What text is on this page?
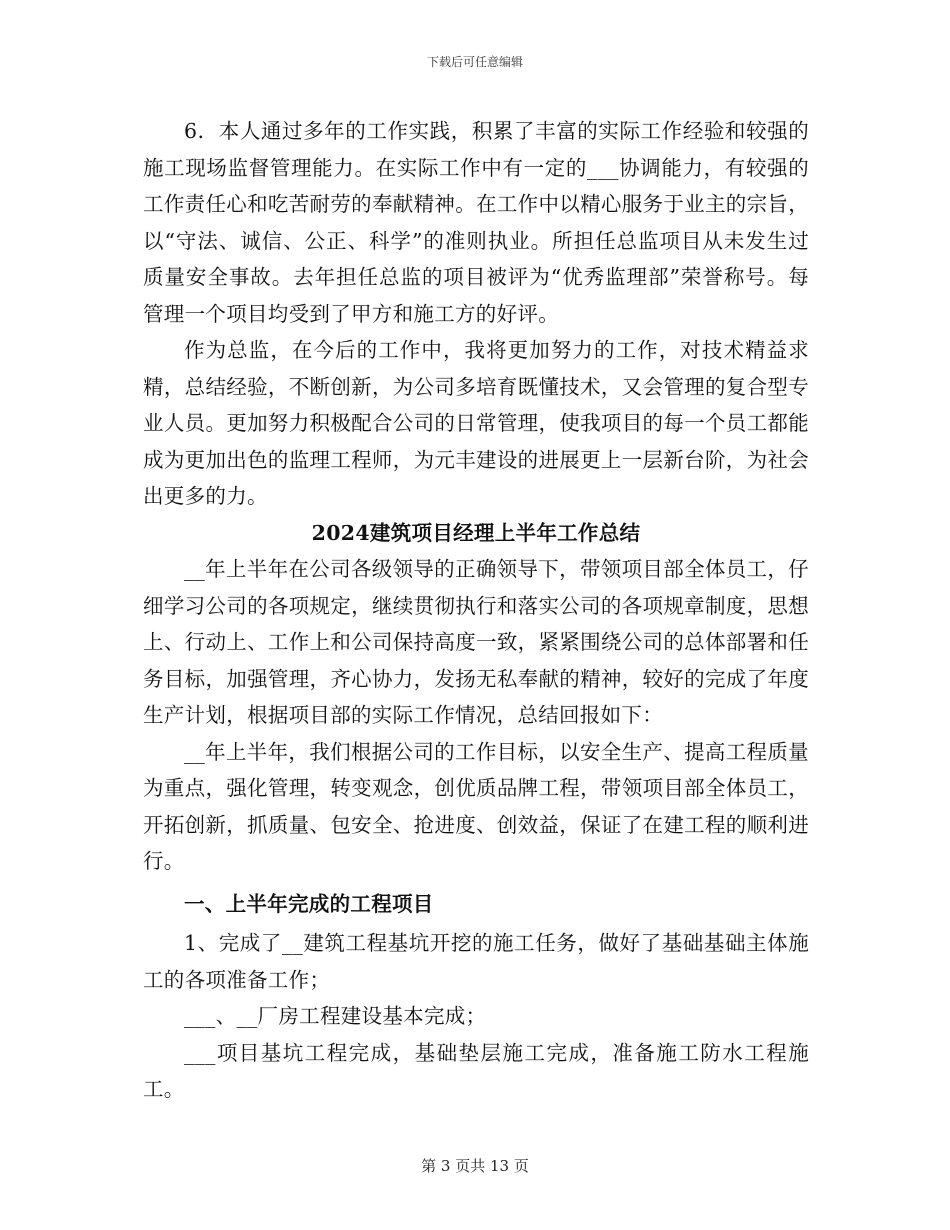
下载后可任意编辑

6．本人通过多年的工作实践，积累了丰富的实际工作经验和较强的施工现场监督管理能力。在实际工作中有一定的___协调能力，有较强的工作责任心和吃苦耐劳的奉献精神。在工作中以精心服务于业主的宗旨，以“守法、诚信、公正、科学”的准则执业。所担任总监项目从未发生过质量安全事故。去年担任总监的项目被评为“优秀监理部”荣誉称号。每管理一个项目均受到了甲方和施工方的好评。

作为总监，在今后的工作中，我将更加努力的工作，对技术精益求精，总结经验，不断创新，为公司多培育既懂技术，又会管理的复合型专业人员。更加努力积极配合公司的日常管理，使我项目的每一个员工都能成为更加出色的监理工程师，为元丰建设的进展更上一层新台阶，为社会出更多的力。

2024建筑项目经理上半年工作总结

__年上半年在公司各级领导的正确领导下，带领项目部全体员工，仔细学习公司的各项规定，继续贯彻执行和落实公司的各项规章制度，思想上、行动上、工作上和公司保持高度一致，紧紧围绕公司的总体部署和任务目标，加强管理，齐心协力，发扬无私奉献的精神，较好的完成了年度生产计划，根据项目部的实际工作情况，总结回报如下：

__年上半年，我们根据公司的工作目标，以安全生产、提高工程质量为重点，强化管理，转变观念，创优质品牌工程，带领项目部全体员工，开拓创新，抓质量、包安全、抢进度、创效益，保证了在建工程的顺利进行。

一、上半年完成的工程项目

1、完成了__建筑工程基坑开挖的施工任务，做好了基础基础主体施工的各项准备工作；

___、__厂房工程建设基本完成；

___项目基坑工程完成，基础垫层施工完成，准备施工防水工程施工。

第 3 页共 13 页
